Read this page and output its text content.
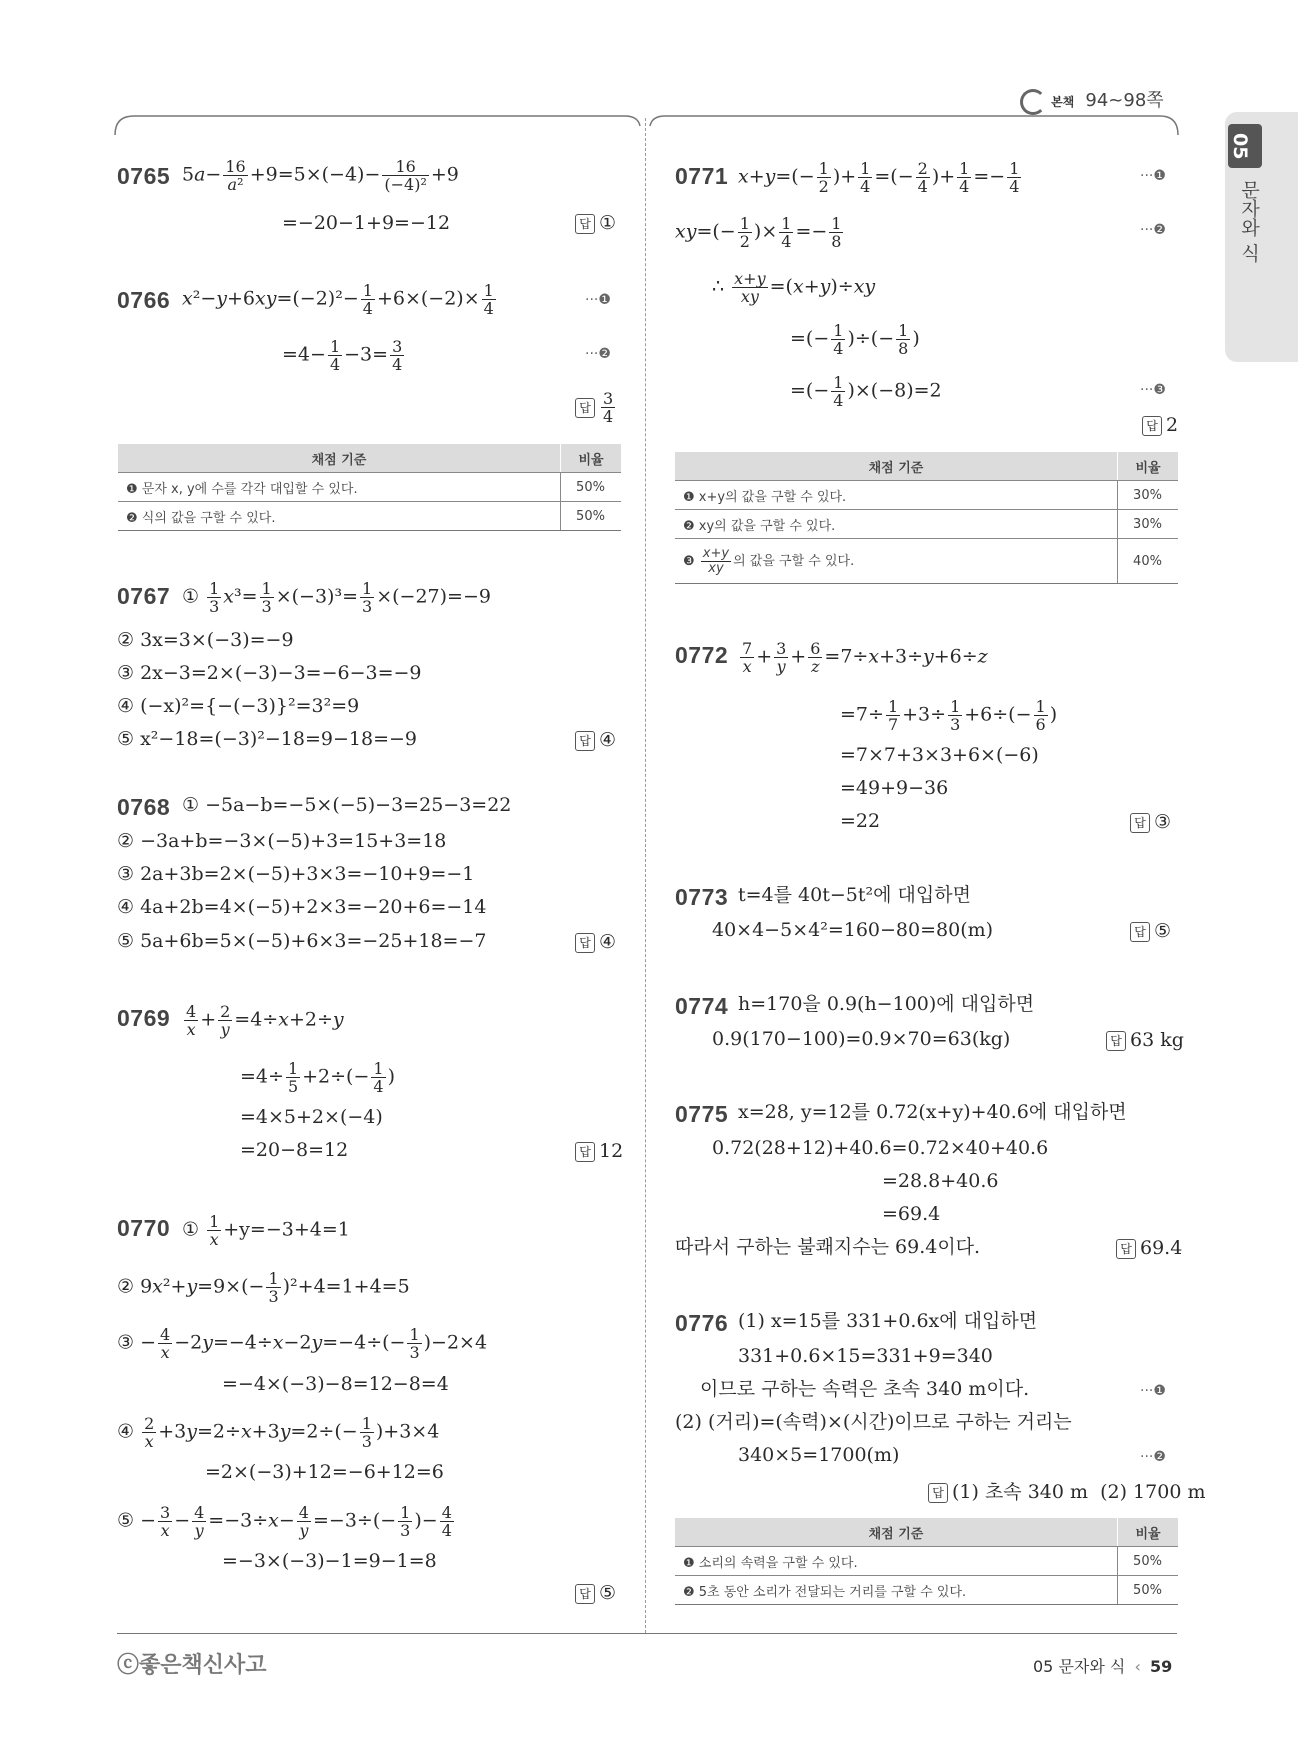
본책 94~98쪽
05
문자와 식
0765 $5a- \frac{16}{\text{a²}} +9=5\times(-4)- \frac{16}{\text{(−4)²}} +9$
=−20−1+9=−12	답 ①
0766 $x^2-y+6xy=(-2)^2- \frac{1}{4} +6\times(-2)\times \frac{1}{4}$	···❶
$=4- \frac{1}{4} -3= \frac{3}{4}$	···❷
답 $\frac{3}{4}$
채점 기준	비율
❶ 문자 x, y에 수를 각각 대입할 수 있다.	50%
❷ 식의 값을 구할 수 있다.	50%
0767 ① $\frac{1}{3} x^3= \frac{1}{3} \times(-3)^3= \frac{1}{3} \times(-27)=-9$
② 3x=3×(−3)=−9
③ 2x−3=2×(−3)−3=−6−3=−9
④ (−x)²={−(−3)}²=3²=9
⑤ x²−18=(−3)²−18=9−18=−9	답 ④
0768 ① −5a−b=−5×(−5)−3=25−3=22
② −3a+b=−3×(−5)+3=15+3=18
③ 2a+3b=2×(−5)+3×3=−10+9=−1
④ 4a+2b=4×(−5)+2×3=−20+6=−14
⑤ 5a+6b=5×(−5)+6×3=−25+18=−7	답 ④
$0769 \frac{4}{x} + \frac{2}{y} =4\div x+2\div y$
$=4\div \frac{1}{5} +2\div(- \frac{1}{4}$ )
=4×5+2×(−4)
=20−8=12	답 12
0770 ① $\frac{1}{x} +y=-3+4=1$
② $9x^2+y=9\times(- \frac{1}{3} )^2+4=1+4=5$
③ − $\frac{4}{x} -2y=-4\div x-2y=-4\div(- \frac{1}{3} )-2\times 4$
=−4×(−3)−8=12−8=4
④ $\frac{2}{x} +3y=2\div x+3y=2\div(- \frac{1}{3} )+3\times 4$
=2×(−3)+12=−6+12=6
⑤ − $\frac{3}{x} - \frac{4}{y} =-3\div x- \frac{4}{y} =-3\div(- \frac{1}{3}$ )− $\frac{4}{4}$
=−3×(−3)−1=9−1=8
답 ⑤
0771 $x+y=(- \frac{1}{2}$ )+ $\frac{1}{4}$ =(− $\frac{2}{4}$ )+ $\frac{1}{4} =- \frac{1}{4}$	···❶
$xy=(- \frac{1}{2}$ )× $\frac{1}{4} =- \frac{1}{8}$	···❷
∴ $\frac{x+y}{xy} =(x+y)\div xy$
=(− $\frac{1}{4}$ )÷(− $\frac{1}{8}$ )
=(− $\frac{1}{4} )\times(-8)=2$	···❸
답 2
채점 기준	비율
❶ x+y의 값을 구할 수 있다.	30%
❷ xy의 값을 구할 수 있다.	30%
❸ $\frac{x+y}{xy}$ 의 값을 구할 수 있다.	40%
$0772 \frac{7}{x} + \frac{3}{y} + \frac{6}{z} =7\div x+3\div y+6\div z$
$=7\div \frac{1}{7} +3\div \frac{1}{3} +6\div(- \frac{1}{6}$ )
=7×7+3×3+6×(−6)
=49+9−36
=22	답 ③
0773 t=4를 40t−5t²에 대입하면
40×4−5×4²=160−80=80(m)	답 ⑤
0774 h=170을 0.9(h−100)에 대입하면
0.9(170−100)=0.9×70=63(kg)	답 63 kg
0775 x=28, y=12를 0.72(x+y)+40.6에 대입하면
0.72(28+12)+40.6=0.72×40+40.6
=28.8+40.6
=69.4
따라서 구하는 불쾌지수는 69.4이다.	답 69.4
0776 (1) x=15를 331+0.6x에 대입하면
331+0.6×15=331+9=340
이므로 구하는 속력은 초속 340 m이다.	···❶
(2) (거리)=(속력)×(시간)이므로 구하는 거리는
340×5=1700(m)	···❷
답 (1) 초속 340 m  (2) 1700 m
채점 기준	비율
❶ 소리의 속력을 구할 수 있다.	50%
❷ 5초 동안 소리가 전달되는 거리를 구할 수 있다.	50%
ⓒ좋은책신사고	05 문자와 식 ‹ 59
